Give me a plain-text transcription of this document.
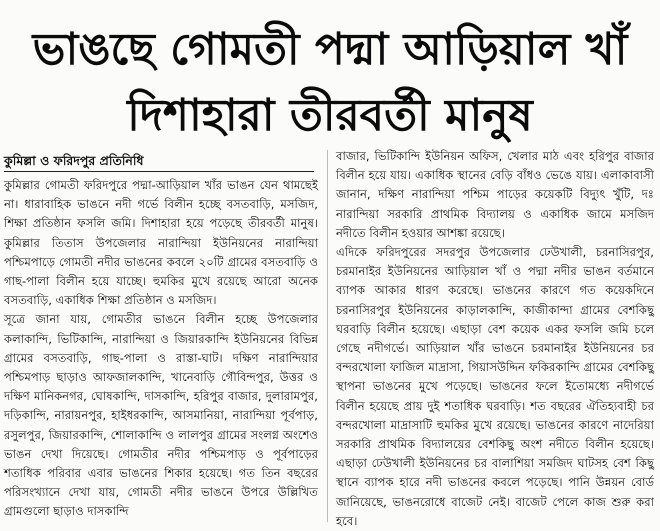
ভাঙছে গোমতী পদ্মা আড়িয়াল খাঁ
দিশাহারা তীরবর্তী মানুষ
কুমিল্লা ও ফরিদপুর প্রতিনিধি

কুমিল্লার গোমতী ফরিদপুরে পদ্মা-আড়িয়াল খাঁর ভাঙন যেন থামছেই না। ধারাবাহিক ভাঙনে নদী গর্ভে বিলীন হচ্ছে বসতবাড়ি, মসজিদ, শিক্ষা প্রতিষ্ঠান ফসলি জমি। দিশাহারা হয়ে পড়েছে তীরবর্তী মানুষ। কুমিল্লার তিতাস উপজেলার নারান্দিয়া ইউনিয়নের নারান্দিয়া পশ্চিমপাড়ে গোমতী নদীর ভাঙনের কবলে ২০টি গ্রামের বসতবাড়ি ও গাছ-পালা বিলীন হয়ে যাচ্ছে। হুমকির মুখে রয়েছে আরো অনেক বসতবাড়ি, একাধিক শিক্ষা প্রতিষ্ঠান ও মসজিদ।

সূত্রে জানা যায়, গোমতীর ভাঙনে বিলীন হচ্ছে উপজেলার কলাকান্দি, ভিটিকান্দি, নারান্দিয়া ও জিয়ারকান্দি ইউনিয়নের বিভিন্ন গ্রামের বসতবাড়ি, গাছ-পালা ও রাস্তা-ঘাট। দক্ষিণ নারান্দিয়ার পশ্চিমপাড় ছাড়াও আফজালকান্দি, খানেবাড়ি গৌবিন্দপুর, উত্তর ও দক্ষিণ মানিকনগর, ঘোষকান্দি, দাসকান্দি, হরিপুর বাজার, দুলারামপুর, দড়িকান্দি, নারায়নপুর, হাইধরকান্দি, আসমানিয়া, নারান্দিয়া পূর্বপাড়, রসুলপুর, জিয়ারকান্দি, শোলাকান্দি ও লালপুর গ্রামের সংলগ্ন অংশেও ভাঙন দেখা দিয়েছে। গোমতীর নদীর পশ্চিমপাড় ও পূর্বপাড়ের শতাধিক পরিবার এবার ভাঙনের শিকার হয়েছে। গত তিন বছরের পরিসংখ্যানে দেখা যায়, গোমতী নদীর ভাঙনে উপরে উল্লিখিত গ্রামগুলো ছাড়াও দাসকান্দি

বাজার, ভিটিকান্দি ইউনিয়ন অফিস, খেলার মাঠ এবং হরিপুর বাজার বিলীন হয়ে যায়। একাধিক স্থানের বেড়ি বাঁধও ভেঙে যায়। এলাকাবাসী জানান, দক্ষিণ নারান্দিয়া পশ্চিম পাড়ের কয়েকটি বিদ্যুৎ খুঁটি, দঃ নারান্দিয়া সরকারি প্রাথমিক বিদ্যালয় ও একাধিক জামে মসজিদ নদীতে বিলীন হওয়ার আশঙ্কা রয়েছে।

এদিকে ফরিদপুরের সদরপুর উপজেলার ঢেউখালী, চরনাসিরপুর, চরমানাইর ইউনিয়নের আড়িয়াল খাঁ ও পদ্মা নদীর ভাঙন বর্তমানে ব্যাপক আকার ধারণ করেছে। ভাঙনের কারণে গত কয়েকদিনে চরনাসিরপুর ইউনিয়নের কাড়ালকান্দি, কাজীকান্দা গ্রামের বেশকিছু ঘরবাড়ি বিলীন হয়েছে। এছাড়া বেশ কয়েক একর ফসলি জমি চলে গেছে নদীগর্ভে। আড়িয়াল খাঁর ভাঙনে চরমানাইর ইউনিয়নের চর বন্দরখোলা ফাজিল মাদ্রাসা, গিয়াসউদ্দিন ফকিরকান্দি গ্রামের বেশকিছু স্থাপনা ভাঙনের মুখে পড়েছে। ভাঙনের ফলে ইতোমধ্যে নদীগর্ভে বিলীন হয়েছে প্রায় দুই শতাধিক ঘরবাড়ি। শত বছরের ঐতিহ্যবাহী চর বন্দরখোলা মাদ্রাসাটি হুমকির মুখে রয়েছে। ভাঙনের কারণে নাদেরিয়া সরকারি প্রাথমিক বিদ্যালয়ের বেশকিছু অংশ নদীতে বিলীন হয়েছে। এছাড়া ঢেউখালী ইউনিয়নের চর বালাশিয়া সমজিদ ঘাটসহ বেশ কিছু স্থানে ব্যাপক হারে নদী ভাঙনের কবলে পড়েছে। পানি উন্নয়ন বোর্ড জানিয়েছে, ভাঙনরোধে বাজেট নেই। বাজেট পেলে কাজ শুরু করা হবে।
